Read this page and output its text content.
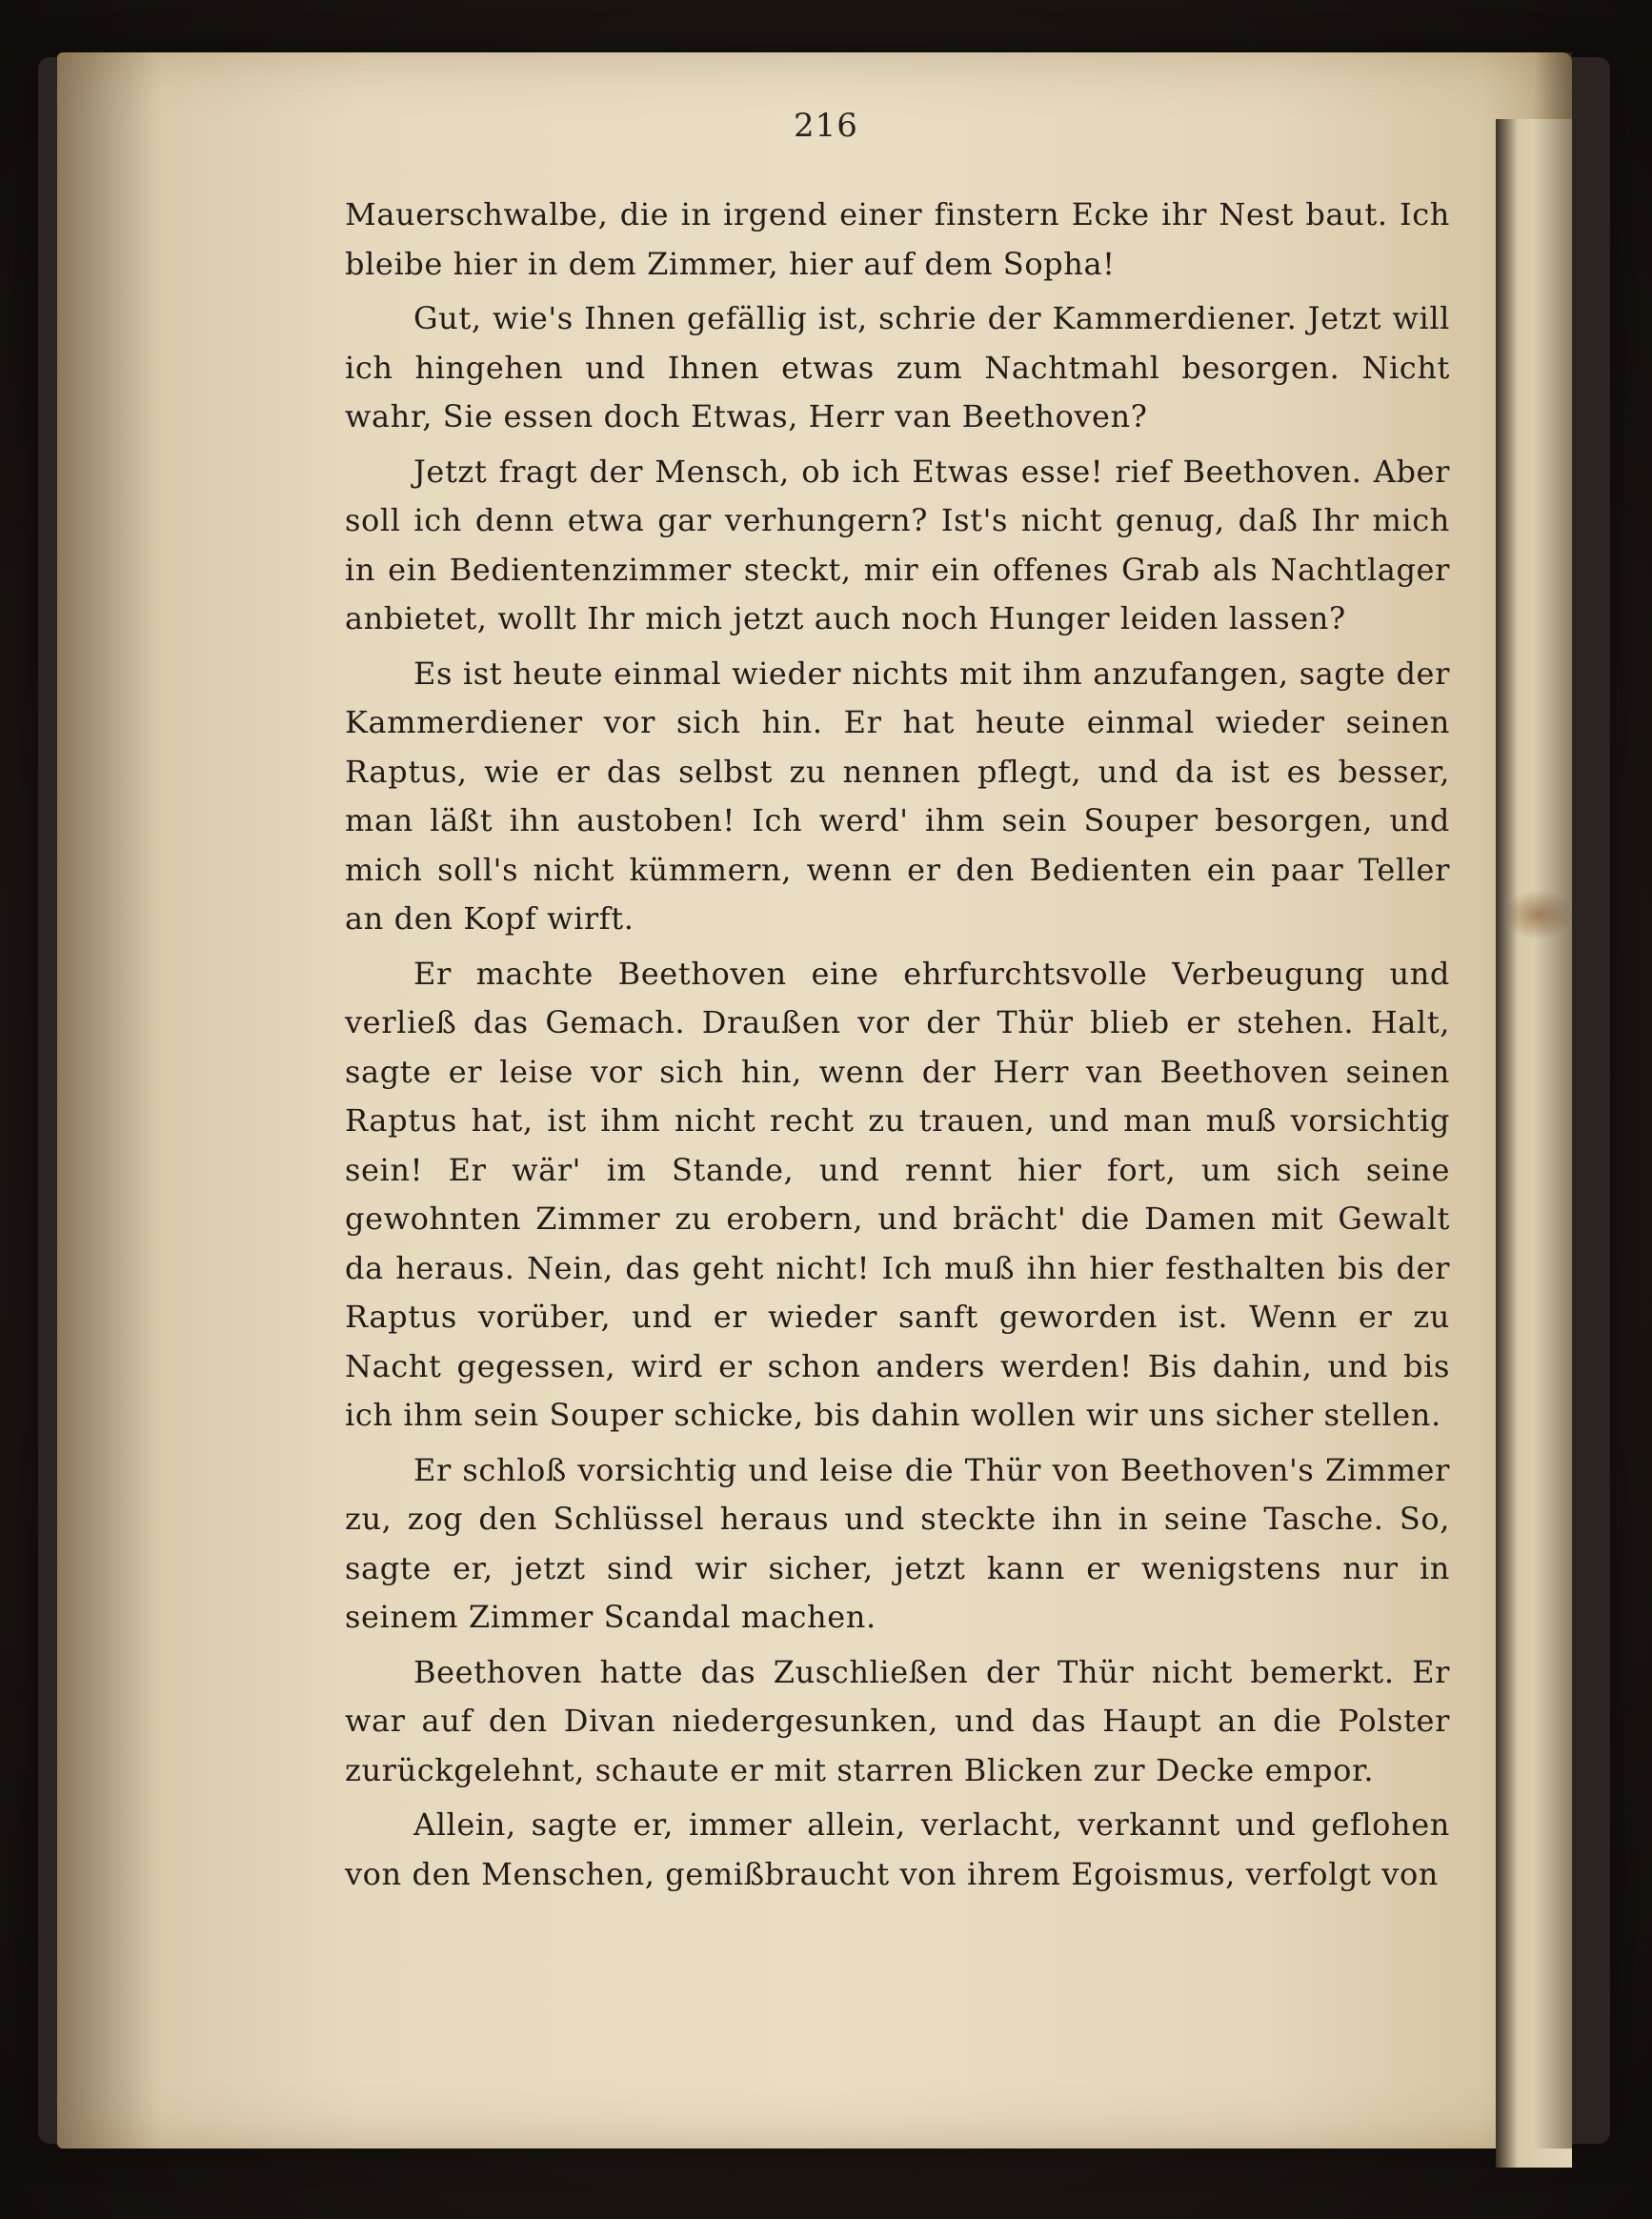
216

Mauerschwalbe, die in irgend einer finstern Ecke ihr Nest baut. Ich bleibe hier in dem Zimmer, hier auf dem Sopha!

Gut, wie's Ihnen gefällig ist, schrie der Kammerdiener. Jetzt will ich hingehen und Ihnen etwas zum Nachtmahl besorgen. Nicht wahr, Sie essen doch Etwas, Herr van Beethoven?

Jetzt fragt der Mensch, ob ich Etwas esse! rief Beethoven. Aber soll ich denn etwa gar verhungern? Ist's nicht genug, daß Ihr mich in ein Bedientenzimmer steckt, mir ein offenes Grab als Nachtlager anbietet, wollt Ihr mich jetzt auch noch Hunger leiden lassen?

Es ist heute einmal wieder nichts mit ihm anzufangen, sagte der Kammerdiener vor sich hin. Er hat heute einmal wieder seinen Raptus, wie er das selbst zu nennen pflegt, und da ist es besser, man läßt ihn austoben! Ich werd' ihm sein Souper besorgen, und mich soll's nicht kümmern, wenn er den Bedienten ein paar Teller an den Kopf wirft.

Er machte Beethoven eine ehrfurchtsvolle Verbeugung und verließ das Gemach. Draußen vor der Thür blieb er stehen. Halt, sagte er leise vor sich hin, wenn der Herr van Beethoven seinen Raptus hat, ist ihm nicht recht zu trauen, und man muß vorsichtig sein! Er wär' im Stande, und rennt hier fort, um sich seine gewohnten Zimmer zu erobern, und brächt' die Damen mit Gewalt da heraus. Nein, das geht nicht! Ich muß ihn hier festhalten bis der Raptus vorüber, und er wieder sanft geworden ist. Wenn er zu Nacht gegessen, wird er schon anders werden! Bis dahin, und bis ich ihm sein Souper schicke, bis dahin wollen wir uns sicher stellen.

Er schloß vorsichtig und leise die Thür von Beethoven's Zimmer zu, zog den Schlüssel heraus und steckte ihn in seine Tasche. So, sagte er, jetzt sind wir sicher, jetzt kann er wenigstens nur in seinem Zimmer Scandal machen.

Beethoven hatte das Zuschließen der Thür nicht bemerkt. Er war auf den Divan niedergesunken, und das Haupt an die Polster zurückgelehnt, schaute er mit starren Blicken zur Decke empor.

Allein, sagte er, immer allein, verlacht, verkannt und geflohen von den Menschen, gemißbraucht von ihrem Egoismus, verfolgt von
